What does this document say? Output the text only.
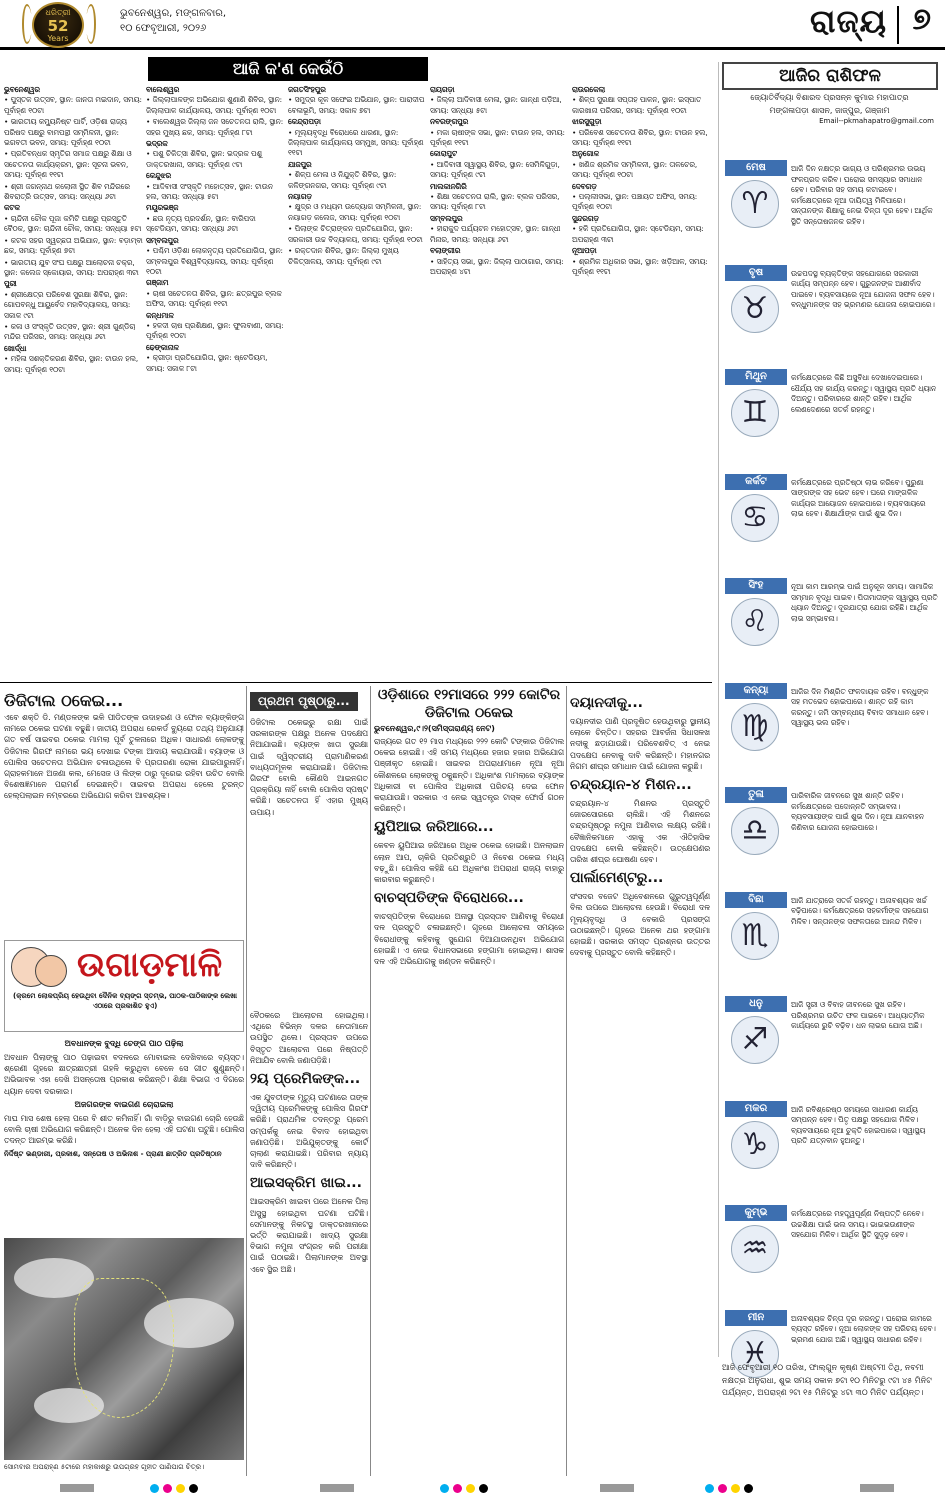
ଧରିତ୍ରୀ
52
Years
ଭୁବନେଶ୍ୱର, ମଙ୍ଗଳବାର,
୧୦ ଫେବୃଆରୀ, ୨୦୨୬	ରାଜ୍ୟ ୭
ଆଜି କ'ଣ କେଉଁଠି
ଭୁବନେଶ୍ୱର
• ପୁସ୍ତକ ଉତ୍ସବ, ସ୍ଥାନ: ଜାନତା ମଇଦାନ, ସମୟ: ପୂର୍ବାହ୍ଣ ୧୦ଟା
• ଭାରତୀୟ କମ୍ୟୁନିଷ୍ଟ ପାର୍ଟି, ଓଡ଼ିଶା ରାଜ୍ୟ ପରିଷଦ ପକ୍ଷରୁ ବାମପନ୍ଥୀ ସମ୍ମିଳନୀ, ସ୍ଥାନ: ଭଗବତୀ ଭବନ, ସମୟ: ପୂର୍ବାହ୍ଣ ୧୦ଟା
• ପ୍ରତିବନ୍ଧକ ସ୍ମୃତିର ସମାଜ ପକ୍ଷରୁ ଶିକ୍ଷା ଓ ସଚେତନତା କାର୍ଯ୍ୟକ୍ରମ, ସ୍ଥାନ: ସୂଚନା ଭବନ, ସମୟ: ପୂର୍ବାହ୍ଣ ୧୧ଟା
• ଶ୍ରୀ ଜଗନ୍ନାଥ କଲୋନୀ ସ୍ଥିତ ଶିବ ମନ୍ଦିରରେ ଶିବରାତ୍ରି ଉତ୍ସବ, ସମୟ: ସନ୍ଧ୍ୟା ୬ଟା
କଟକ
• ଚାନ୍ଦିନୀ ଚୌକ ପୂଜା କମିଟି ପକ୍ଷରୁ ପ୍ରସ୍ତୁତି ବୈଠକ, ସ୍ଥାନ: ଚାନ୍ଦିନୀ ଚୌକ, ସମୟ: ସନ୍ଧ୍ୟା ୫ଟା
• କଟକ ସହର ସ୍ୱଚ୍ଛତା ଅଭିଯାନ, ସ୍ଥାନ: ବଡ଼ାମ୍ବା ଛକ, ସମୟ: ପୂର୍ବାହ୍ଣ ୭ଟା
• ଭାରତୀୟ ଯୁବ ସଂଘ ପକ୍ଷରୁ ଆଲୋଚନା ଚକ୍ର, ସ୍ଥାନ: କଲେଜ ସ୍କୋୟାର, ସମୟ: ଅପରାହ୍ଣ ୩ଟା
ପୁରୀ
• ଶ୍ରୀକ୍ଷେତ୍ର ପରିବେଶ ସୁରକ୍ଷା ଶିବିର, ସ୍ଥାନ: ଗୋପବନ୍ଧୁ ଆୟୁର୍ବେଦ ମହାବିଦ୍ୟାଳୟ, ସମୟ: ସକାଳ ୯ଟା
• କଳା ଓ ସଂସ୍କୃତି ଉତ୍ସବ, ସ୍ଥାନ: ଶ୍ରୀ ଗୁଣ୍ଡିଚା ମନ୍ଦିର ପରିସର, ସମୟ: ସନ୍ଧ୍ୟା ୬ଟା
ଖୋର୍ଦ୍ଧା
• ମହିଳା ସଶକ୍ତିକରଣ ଶିବିର, ସ୍ଥାନ: ଟାଉନ ହଲ, ସମୟ: ପୂର୍ବାହ୍ଣ ୧୦ଟା
ବାଲେଶ୍ୱର
• ଜିଲ୍ଲାପାଳଙ୍କ ଅଭିଯୋଗ ଶୁଣାଣି ଶିବିର, ସ୍ଥାନ: ଜିଲ୍ଲାପାଳ କାର୍ଯ୍ୟାଳୟ, ସମୟ: ପୂର୍ବାହ୍ଣ ୧୦ଟା
• ବାଲେଶ୍ୱର ଜିଲ୍ଲା ଜନ ସଚେତନତା ରାଲି, ସ୍ଥାନ: ସହର ମୁଖ୍ୟ ଛକ, ସମୟ: ପୂର୍ବାହ୍ଣ ୮ଟା
ଭଦ୍ରକ
• ପଶୁ ଚିକିତ୍ସା ଶିବିର, ସ୍ଥାନ: ଭଦ୍ରକ ପଶୁ ଡାକ୍ତରଖାନା, ସମୟ: ପୂର୍ବାହ୍ଣ ୯ଟା
କେନ୍ଦୁଝର
• ଆଦିବାସୀ ସଂସ୍କୃତି ମହୋତ୍ସବ, ସ୍ଥାନ: ଟାଉନ ହଲ, ସମୟ: ସନ୍ଧ୍ୟା ୫ଟା
ମୟୂରଭଞ୍ଜ
• ଛଉ ନୃତ୍ୟ ପ୍ରଦର୍ଶନ, ସ୍ଥାନ: ବାରିପଦା ସ୍ଟେଡିୟମ, ସମୟ: ସନ୍ଧ୍ୟା ୬ଟା
ସମ୍ବଲପୁର
• ପଶ୍ଚିମ ଓଡ଼ିଶା ଲୋକନୃତ୍ୟ ପ୍ରତିଯୋଗିତା, ସ୍ଥାନ: ସମ୍ବଲପୁର ବିଶ୍ୱବିଦ୍ୟାଳୟ, ସମୟ: ପୂର୍ବାହ୍ଣ ୧୦ଟା
ଗଞ୍ଜାମ
• ଚାଷୀ ସଚେତନତା ଶିବିର, ସ୍ଥାନ: ଛତ୍ରପୁର ବ୍ଲକ ଅଫିସ, ସମୟ: ପୂର୍ବାହ୍ଣ ୧୧ଟା
କନ୍ଧମାଳ
• ହଳଦୀ ଚାଷ ପ୍ରଶିକ୍ଷଣ, ସ୍ଥାନ: ଫୁଲବାଣୀ, ସମୟ: ପୂର୍ବାହ୍ଣ ୧୦ଟା
ଢେଙ୍କାନାଳ
• କ୍ରୀଡ଼ା ପ୍ରତିଯୋଗିତା, ସ୍ଥାନ: ଷ୍ଟେଡିୟମ, ସମୟ: ସକାଳ ୮ଟା
ଜଗତସିଂହପୁର
• ସମୁଦ୍ର କୂଳ ସଫେଇ ଅଭିଯାନ, ସ୍ଥାନ: ପାରାଦୀପ ବେଳାଭୂମି, ସମୟ: ସକାଳ ୭ଟା
କେନ୍ଦ୍ରାପଡ଼ା
• ମୂଲ୍ୟବୃଦ୍ଧି ବିରୋଧରେ ଧାରଣା, ସ୍ଥାନ: ଜିଲ୍ଲାପାଳ କାର୍ଯ୍ୟାଳୟ ସମ୍ମୁଖ, ସମୟ: ପୂର୍ବାହ୍ଣ ୧୧ଟା
ଯାଜପୁର
• ଶିଳ୍ପ ମେଳା ଓ ନିଯୁକ୍ତି ଶିବିର, ସ୍ଥାନ: କଳିଙ୍ଗନଗର, ସମୟ: ପୂର୍ବାହ୍ଣ ୯ଟା
ନୟାଗଡ଼
• କ୍ଷୁଦ୍ର ଓ ମଧ୍ୟମ ଉଦ୍ୟୋଗ ସମ୍ମିଳନୀ, ସ୍ଥାନ: ନୟାଗଡ଼ କଲେଜ, ସମୟ: ପୂର୍ବାହ୍ଣ ୧୦ଟା
• ପିଲାଙ୍କ ଚିତ୍ରାଙ୍କନ ପ୍ରତିଯୋଗିତା, ସ୍ଥାନ: ସରକାରୀ ଉଚ୍ଚ ବିଦ୍ୟାଳୟ, ସମୟ: ପୂର୍ବାହ୍ଣ ୧୦ଟା
• ରକ୍ତଦାନ ଶିବିର, ସ୍ଥାନ: ଜିଲ୍ଲା ମୁଖ୍ୟ ଚିକିତ୍ସାଳୟ, ସମୟ: ପୂର୍ବାହ୍ଣ ୯ଟା
ରାୟଗଡ଼ା
• ଜିଲ୍ଲା ଆଦିବାସୀ ମେଳା, ସ୍ଥାନ: ଗାନ୍ଧୀ ପଡ଼ିଆ, ସମୟ: ସନ୍ଧ୍ୟା ୫ଟା
ନବରଙ୍ଗପୁର
• ମକା ଚାଷୀଙ୍କ ସଭା, ସ୍ଥାନ: ଟାଉନ ହଲ, ସମୟ: ପୂର୍ବାହ୍ଣ ୧୧ଟା
କୋରାପୁଟ
• ଆଦିବାସୀ ସ୍ୱାସ୍ଥ୍ୟ ଶିବିର, ସ୍ଥାନ: ସେମିଳିଗୁଡ଼ା, ସମୟ: ପୂର୍ବାହ୍ଣ ୯ଟା
ମାଲକାନଗିରି
• ଶିକ୍ଷା ସଚେତନତା ରାଲି, ସ୍ଥାନ: ବ୍ଲକ ପରିସର, ସମୟ: ପୂର୍ବାହ୍ଣ ୮ଟା
ସମ୍ବଲପୁର
• ହୀରାକୁଦ ପର୍ଯ୍ୟଟନ ମହୋତ୍ସବ, ସ୍ଥାନ: ଗାନ୍ଧୀ ମିନାର, ସମୟ: ସନ୍ଧ୍ୟା ୬ଟା
ବଲାଙ୍ଗୀର
• ସାହିତ୍ୟ ସଭା, ସ୍ଥାନ: ଜିଲ୍ଲା ପାଠାଗାର, ସମୟ: ଅପରାହ୍ଣ ୪ଟା
ରାଉରକେଲା
• ଶିଳ୍ପ ସୁରକ୍ଷା ସପ୍ତାହ ପାଳନ, ସ୍ଥାନ: ଇସ୍ପାତ କାରଖାନା ପରିସର, ସମୟ: ପୂର୍ବାହ୍ଣ ୧୦ଟା
ଝାରସୁଗୁଡ଼ା
• ପରିବେଶ ସଚେତନତା ଶିବିର, ସ୍ଥାନ: ଟାଉନ ହଲ, ସମୟ: ପୂର୍ବାହ୍ଣ ୧୧ଟା
ଅନୁଗୋଳ
• ଖଣିଜ ଶ୍ରମିକ ସମ୍ମିଳନୀ, ସ୍ଥାନ: ତାଳଚେର, ସମୟ: ପୂର୍ବାହ୍ଣ ୧୦ଟା
ଦେବଗଡ଼
• ପଲ୍ଲୀସଭା, ସ୍ଥାନ: ପଞ୍ଚାୟତ ଅଫିସ, ସମୟ: ପୂର୍ବାହ୍ଣ ୧୦ଟା
ସୁନ୍ଦରଗଡ଼
• ହକି ପ୍ରତିଯୋଗିତା, ସ୍ଥାନ: ସ୍ଟେଡିୟମ, ସମୟ: ଅପରାହ୍ଣ ୩ଟା
ନୂଆପଡ଼ା
• ଶ୍ରମିକ ଅଧିକାର ସଭା, ସ୍ଥାନ: ଖଡ଼ିଆଳ, ସମୟ: ପୂର୍ବାହ୍ଣ ୧୧ଟା
ଆଜିର ରାଶିଫଳ
ଜ୍ୟୋତିର୍ବିଦ୍ୟା ବିଶାରଦ ପ୍ରସନ୍ନ କୁମାର ମହାପାତ୍ର
ମଙ୍ଗଳାପଡ଼ା ଶାସନ, ଜାଜ୍ପୁର, ଗଞ୍ଜାମ
Email--pkmahapatro@gmail.com
ମେଷ
♈
ଆଜି ଦିନ ନକ୍ଷତ୍ର ଭାଗ୍ୟ ଓ ପରିଶ୍ରମର ଉଭୟ ଫଳପ୍ରଦ କରିବ। ଘରୋଇ ସମସ୍ୟାର ସମାଧାନ ହେବ। ପରିବାର ସହ ସମୟ କଟାଇବେ। କର୍ମକ୍ଷେତ୍ରରେ ନୂଆ ଦାୟିତ୍ୱ ମିଳିପାରେ। ସନ୍ତାନଙ୍କ ଶିକ୍ଷାକୁ ନେଇ ଚିନ୍ତା ଦୂର ହେବ। ଆର୍ଥିକ ସ୍ଥିତି ସନ୍ତୋଷଜନକ ରହିବ।
ବୃଷ
♉
ଉଚ୍ଚପଦସ୍ଥ ବ୍ୟକ୍ତିଙ୍କ ସହଯୋଗରେ ସରକାରୀ କାର୍ଯ୍ୟ ସମ୍ପନ୍ନ ହେବ। ଗୁରୁଜନଙ୍କ ଆଶୀର୍ବାଦ ପାଇବେ। ବ୍ୟବସାୟରେ ନୂଆ ଯୋଜନା ସଫଳ ହେବ। ବନ୍ଧୁମାନଙ୍କ ସହ ଭ୍ରମଣର ଯୋଜନା ହୋଇପାରେ।
ମିଥୁନ
♊
କର୍ମକ୍ଷେତ୍ରରେ କିଛି ଅସୁବିଧା ଦେଖାଦେଇପାରେ। ଧୈର୍ଯ୍ୟ ସହ କାର୍ଯ୍ୟ କରନ୍ତୁ। ସ୍ୱାସ୍ଥ୍ୟ ପ୍ରତି ଧ୍ୟାନ ଦିଅନ୍ତୁ। ପରିବାରରେ ଶାନ୍ତି ରହିବ। ଆର୍ଥିକ ଲେଣଦେଣରେ ସତର୍କ ରହନ୍ତୁ।
କର୍କଟ
♋
କର୍ମକ୍ଷେତ୍ରରେ ପ୍ରତିଷ୍ଠା ଲାଭ କରିବେ। ପୁରୁଣା ସାଙ୍ଗଙ୍କ ସହ ଭେଟ ହେବ। ଘରେ ମାଙ୍ଗଳିକ କାର୍ଯ୍ୟର ଆୟୋଜନ ହୋଇପାରେ। ବ୍ୟବସାୟରେ ଲାଭ ହେବ। ଶିକ୍ଷାର୍ଥୀଙ୍କ ପାଇଁ ଶୁଭ ଦିନ।
ସିଂହ
♌
ନୂଆ କାମ ଆରମ୍ଭ ପାଇଁ ଅନୁକୂଳ ସମୟ। ସାମାଜିକ ସମ୍ମାନ ବୃଦ୍ଧି ପାଇବ। ପିତାମାତାଙ୍କ ସ୍ୱାସ୍ଥ୍ୟ ପ୍ରତି ଧ୍ୟାନ ଦିଅନ୍ତୁ। ଦୂରଯାତ୍ରା ଯୋଗ ରହିଛି। ଆର୍ଥିକ ଲାଭ ସମ୍ଭାବନା।
କନ୍ୟା
♍
ଆଜିର ଦିନ ମିଶ୍ରିତ ଫଳଦାୟକ ରହିବ। ବନ୍ଧୁଙ୍କ ସହ ମତଭେଦ ହୋଇପାରେ। ଶାନ୍ତ ରହି କାମ କରନ୍ତୁ। ଜମି ସମ୍ବନ୍ଧୀୟ ବିବାଦ ସମାଧାନ ହେବ। ସ୍ୱାସ୍ଥ୍ୟ ଭଲ ରହିବ।
ତୁଳା
♎
ପାରିବାରିକ ଜୀବନରେ ସୁଖ ଶାନ୍ତି ରହିବ। କର୍ମକ୍ଷେତ୍ରରେ ପଦୋନ୍ନତି ସମ୍ଭାବନା। ବ୍ୟବସାୟୀଙ୍କ ପାଇଁ ଶୁଭ ଦିନ। ନୂଆ ଯାନବାହନ କିଣିବାର ଯୋଜନା ହୋଇପାରେ।
ବିଛା
♏
ଆଜି ଯାତ୍ରାରେ ସତର୍କ ରହନ୍ତୁ। ଅନାବଶ୍ୟକ ଖର୍ଚ୍ଚ ବଢ଼ିପାରେ। କର୍ମକ୍ଷେତ୍ରରେ ସହକର୍ମୀଙ୍କ ସହଯୋଗ ମିଳିବ। ସନ୍ତାନଙ୍କ ସଫଳତାରେ ଆନନ୍ଦ ମିଳିବ।
ଧନୁ
♐
ଆଜି ସ୍ତ୍ରୀ ଓ ବିବାହ ଜୀବନରେ ସୁଖ ରହିବ। ପରିଶ୍ରମର ଉଚିତ ଫଳ ପାଇବେ। ଆଧ୍ୟାତ୍ମିକ କାର୍ଯ୍ୟରେ ରୁଚି ବଢ଼ିବ। ଧନ ଲାଭର ଯୋଗ ଅଛି।
ମକର
♑
ଆଜି ରବିଶ୍ରେଷ୍ଠ ସମୟରେ ସାଧାରଣ କାର୍ଯ୍ୟ ସମ୍ପନ୍ନ ହେବ। ପିତୃ ପକ୍ଷରୁ ସହଯୋଗ ମିଳିବ। ବ୍ୟବସାୟରେ ନୂଆ ଚୁକ୍ତି ହୋଇପାରେ। ସ୍ୱାସ୍ଥ୍ୟ ପ୍ରତି ଯତ୍ନବାନ ହୁଅନ୍ତୁ।
କୁମ୍ଭ
♒
କର୍ମକ୍ଷେତ୍ରରେ ମହତ୍ତ୍ୱପୂର୍ଣ୍ଣ ନିଷ୍ପତ୍ତି ନେବେ। ଉଚ୍ଚଶିକ୍ଷା ପାଇଁ ଭଲ ସମୟ। ଭାଇଭଉଣୀଙ୍କ ସହଯୋଗ ମିଳିବ। ଆର୍ଥିକ ସ୍ଥିତି ସୁଦୃଢ଼ ହେବ।
ମୀନ
♓
ଅନାବଶ୍ୟକ ଚିନ୍ତା ଦୂର କରନ୍ତୁ। ଘରୋଇ କାମରେ ବ୍ୟସ୍ତ ରହିବେ। ନୂଆ ଲୋକଙ୍କ ସହ ପରିଚୟ ହେବ। ଭ୍ରମଣ ଯୋଗ ଅଛି। ସ୍ୱାସ୍ଥ୍ୟ ସାଧାରଣ ରହିବ।
ଆଜି ଫେବୃଆରୀ ୧୦ ତାରିଖ, ଫାଲ୍ଗୁନ କୃଷ୍ଣ ଅଷ୍ଟମୀ ତିଥି, ନବମୀ ନକ୍ଷତ୍ର ଅନୁରାଧା, ଶୁଭ ସମୟ ସକାଳ ୭ଟା ୧୦ ମିନିଟରୁ ୯ଟା ୪୫ ମିନିଟ ପର୍ଯ୍ୟନ୍ତ, ଅପରାହ୍ଣ ୨ଟା ୧୫ ମିନିଟରୁ ୪ଟା ୩୦ ମିନିଟ ପର୍ଯ୍ୟନ୍ତ।
ଡିଜିଟାଲ ଠକେଇ...
ଏବେ ଶକ୍ତି ଡି. ମଣ୍ଡଳଙ୍କ ଭଳି ପୀଡିତଙ୍କ ଉଦାହରଣ ଓ ଫୋନ ବ୍ୟାଙ୍କିଙ୍ଗ ନାମରେ ଠକେଇ ଘଟଣା ବଢୁଛି। ଜାତୀୟ ଅପରାଧ ରେକର୍ଡ ବ୍ୟୁରୋ ତଥ୍ୟ ଅନୁଯାୟୀ ଗତ ବର୍ଷ ସାଇବର ଠକେଇ ମାମଲା ପୂର୍ବ ତୁଳନାରେ ଅଧିକ। ସାଧାରଣ ଲୋକଙ୍କୁ ଡିଜିଟାଲ ଗିରଫ ନାମରେ ଭୟ ଦେଖାଇ ଟଙ୍କା ଆଦାୟ କରାଯାଉଛି। ବ୍ୟାଙ୍କ ଓ ପୋଲିସ ସଚେତନତା ଅଭିଯାନ ଚଳାଉଥିଲେ ବି ପ୍ରତାରଣା ରୋକା ଯାଇପାରୁନାହିଁ। ଗ୍ରାହକମାନେ ଅଜଣା କଲ, ମେସେଜ ଓ ଲିଙ୍କ ଠାରୁ ଦୂରେଇ ରହିବା ଉଚିତ ବୋଲି ବିଶେଷଜ୍ଞମାନେ ପରାମର୍ଶ ଦେଇଛନ୍ତି। ସାଇବର ଅପରାଧ ହେଲେ ତୁରନ୍ତ ହେଲ୍ପଲାଇନ ନମ୍ବରରେ ଅଭିଯୋଗ କରିବା ଆବଶ୍ୟକ।
ଉଗାଡ଼ମାଳି
(କ୍ରମେ ଲୋକପ୍ରିୟ ହେଉଥିବା ଦୈନିକ ବ୍ୟଙ୍ଗ ସ୍ତମ୍ଭ, ପାଠକ-ପାଠିକାଙ୍କ ଲେଖା ଏଠାରେ ପ୍ରକାଶିତ ହୁଏ)
ଅବଧାନଙ୍କ ବୁଦ୍ଧି ଚେଙ୍ଗ ପାଠ ପଢ଼ିଲା
ଅବଧାନ ପିଲାଙ୍କୁ ପାଠ ପଢ଼ାଇବା ବଦଳରେ ମୋବାଇଲ ଦେଖିବାରେ ବ୍ୟସ୍ତ। ଶ୍ରେଣୀ ଗୃହରେ ଛାତ୍ରଛାତ୍ରୀ ଗହଳି କରୁଥିବା ବେଳେ ସେ ଗୀତ ଶୁଣୁଛନ୍ତି। ଅଭିଭାବକ ଏହା ଦେଖି ଅସନ୍ତୋଷ ପ୍ରକାଶ କରିଛନ୍ତି। ଶିକ୍ଷା ବିଭାଗ ଏ ଦିଗରେ ଧ୍ୟାନ ଦେବା ଦରକାର।
ଅଜଗରଙ୍କ ବାଇଗଣ ଚୋରାଇଲା
ମାଘ ମାସ ଶେଷ ହେଲା ପରେ ବି ଶୀତ କମିନାହିଁ। ଗାଁ ବାଡ଼ିରୁ ବାଇଗଣ ଚୋରି ହେଉଛି ବୋଲି ଚାଷୀ ଅଭିଯୋଗ କରିଛନ୍ତି। ଅନେକ ଦିନ ହେଲା ଏହି ଘଟଣା ଘଟୁଛି। ପୋଲିସ ତଦନ୍ତ ଆରମ୍ଭ କରିଛି।
ନିର୍ଦ୍ଦିଷ୍ଟ ଭଣ୍ଡାରୀ, ପ୍ରକାଶ, ସନ୍ତୋଷ ଓ ଅଭିନାଶ - ପ୍ରାଣୀ ଛାତ୍ରିତ ପ୍ରତିଷ୍ଠାନ
ସୋମବାର ଅପରାହ୍ଣ ୫ଟାରେ ମହାକାଶରୁ ଉପଗ୍ରହ ଗୃହୀତ ପାଣିପାଗ ଚିତ୍ର।
ପ୍ରଥମ ପୃଷ୍ଠାରୁ...
ଡିଜିଟାଲ ଠକେଇରୁ ରକ୍ଷା ପାଇଁ ସରକାରଙ୍କ ପକ୍ଷରୁ ଅନେକ ପଦକ୍ଷେପ ନିଆଯାଇଛି। ବ୍ୟାଙ୍କ ଖାତା ସୁରକ୍ଷା ପାଇଁ ଦ୍ୱିସ୍ତରୀୟ ପ୍ରାମାଣିକରଣ ବାଧ୍ୟତାମୂଳକ କରାଯାଇଛି। ଡିଜିଟାଲ ଗିରଫ ବୋଲି କୌଣସି ଆଇନଗତ ପ୍ରକ୍ରିୟା ନାହିଁ ବୋଲି ପୋଲିସ ସ୍ପଷ୍ଟ କରିଛି। ସଚେତନତା ହିଁ ଏହାର ମୁଖ୍ୟ ଉପାୟ।
ଓଡ଼ିଶାରେ ୧୨ମାସରେ ୨୨୨ କୋଟିର ଡିଜିଟାଲ ଠକେଇ
ଭୁବନେଶ୍ୱର,୯।୨(ସମିସ୍ତାରାଣ୍ୟ ନେଟ)
ରାଜ୍ୟରେ ଗତ ୧୨ ମାସ ମଧ୍ୟରେ ୨୨୨ କୋଟି ଟଙ୍କାର ଡିଜିଟାଲ ଠକେଇ ହୋଇଛି। ଏହି ସମୟ ମଧ୍ୟରେ ହଜାର ହଜାର ଅଭିଯୋଗ ପଞ୍ଜୀକୃତ ହୋଇଛି। ସାଇବର ଅପରାଧୀମାନେ ନୂଆ ନୂଆ କୌଶଳରେ ଲୋକଙ୍କୁ ଠକୁଛନ୍ତି। ଅଧିକାଂଶ ମାମଲାରେ ବ୍ୟାଙ୍କ ଅଧିକାରୀ ବା ପୋଲିସ ଅଧିକାରୀ ପରିଚୟ ଦେଇ ଫୋନ କରାଯାଉଛି। ସରକାର ଏ ନେଇ ସ୍ୱତନ୍ତ୍ର ଟାସ୍କ ଫୋର୍ସ ଗଠନ କରିଛନ୍ତି।
ୟୁପିଆଇ ଜରିଆରେ...
କେବଳ ୟୁପିଆଇ ଜରିଆରେ ଅଧିକ ଠକେଇ ହୋଇଛି। ଅନଲାଇନ ଲୋନ ଆପ, ଚାକିରି ପ୍ରତିଶ୍ରୁତି ଓ ନିବେଶ ଠକେଇ ମଧ୍ୟ ବଢ଼ୁଛି। ପୋଲିସ କହିଛି ଯେ ଅଧିକାଂଶ ଅପରାଧୀ ରାଜ୍ୟ ବାହାରୁ କାରବାର କରୁଛନ୍ତି।
ବାଚସ୍ପତିଙ୍କ ବିରୋଧରେ...
ବାଚସ୍ପତିଙ୍କ ବିରୋଧରେ ଅନାସ୍ଥା ପ୍ରସ୍ତାବ ଆଣିବାକୁ ବିରୋଧୀ ଦଳ ପ୍ରସ୍ତୁତି ଚଳାଇଛନ୍ତି। ଗୃହରେ ଆଲୋଚନା ସମୟରେ ବିରୋଧୀଙ୍କୁ କହିବାକୁ ସୁଯୋଗ ଦିଆଯାଉନଥିବା ଅଭିଯୋଗ ହୋଇଛି। ଏ ନେଇ ବିଧାନସଭାରେ ହଙ୍ଗାମା ହୋଇଥିଲା। ଶାସକ ଦଳ ଏହି ଅଭିଯୋଗକୁ ଖଣ୍ଡନ କରିଛନ୍ତି।
ବୈଠକରେ ଆଲୋଚନା ହୋଇଥିଲା। ଏଥିରେ ବିଭିନ୍ନ ଦଳର ନେତାମାନେ ଉପସ୍ଥିତ ଥିଲେ। ପ୍ରସ୍ତାବ ଉପରେ ବିସ୍ତୃତ ଆଲୋଚନା ପରେ ନିଷ୍ପତ୍ତି ନିଆଯିବ ବୋଲି ଜଣାପଡ଼ିଛି।
୨ୟ ପ୍ରେମିକଙ୍କ...
ଏକ ଯୁବତୀଙ୍କ ମୃତ୍ୟୁ ଘଟଣାରେ ତାଙ୍କ ଦ୍ୱିତୀୟ ପ୍ରେମିକଙ୍କୁ ପୋଲିସ ଗିରଫ କରିଛି। ପ୍ରାଥମିକ ତଦନ୍ତରୁ ପ୍ରେମ ସମ୍ପର୍କକୁ ନେଇ ବିବାଦ ହୋଇଥିବା ଜଣାପଡ଼ିଛି। ଅଭିଯୁକ୍ତଙ୍କୁ କୋର୍ଟ ଚାଲାଣ କରାଯାଇଛି। ପରିବାର ନ୍ୟାୟ ଦାବି କରିଛନ୍ତି।
ଆଇସକ୍ରିମ ଖାଇ...
ଆଇସକ୍ରିମ ଖାଇବା ପରେ ଅନେକ ପିଲା ଅସୁସ୍ଥ ହୋଇଥିବା ଘଟଣା ଘଟିଛି। ସେମାନଙ୍କୁ ନିକଟସ୍ଥ ଡାକ୍ତରଖାନାରେ ଭର୍ତ୍ତି କରାଯାଇଛି। ଖାଦ୍ୟ ସୁରକ୍ଷା ବିଭାଗ ନମୁନା ସଂଗ୍ରହ କରି ପରୀକ୍ଷା ପାଇଁ ପଠାଇଛି। ପିଲାମାନଙ୍କ ଅବସ୍ଥା ଏବେ ସ୍ଥିର ଅଛି।
ଦୟାନଦୀକୁ...
ଦୟାନଦୀର ପାଣି ପ୍ରଦୂଷିତ ହେଉଥିବାରୁ ସ୍ଥାନୀୟ ଲୋକେ ଚିନ୍ତିତ। ସହରର ଆବର୍ଜନା ସିଧାସଳଖ ନଦୀକୁ ଛଡ଼ାଯାଉଛି। ପରିବେଶବିତ୍ ଏ ନେଇ ପଦକ୍ଷେପ ନେବାକୁ ଦାବି କରିଛନ୍ତି। ମହାନଗର ନିଗମ ଶୀଘ୍ର ସମାଧାନ ପାଇଁ ଯୋଜନା କରୁଛି।
ଚନ୍ଦ୍ରୟାନ-୪ ମିଶନ...
ଚନ୍ଦ୍ରୟାନ-୪ ମିଶନର ପ୍ରସ୍ତୁତି ଜୋରସୋରରେ ଚାଲିଛି। ଏହି ମିଶନରେ ଚନ୍ଦ୍ରପୃଷ୍ଠରୁ ନମୁନା ଆଣିବାର ଲକ୍ଷ୍ୟ ରହିଛି। ବୈଜ୍ଞାନିକମାନେ ଏହାକୁ ଏକ ଐତିହାସିକ ପଦକ୍ଷେପ ବୋଲି କହିଛନ୍ତି। ଉତ୍କ୍ଷେପଣର ତାରିଖ ଶୀଘ୍ର ଘୋଷଣା ହେବ।
ପାର୍ଲାମେଣ୍ଟରୁ...
ସଂସଦର ବଜେଟ ଅଧିବେଶନରେ ଗୁରୁତ୍ୱପୂର୍ଣ୍ଣ ବିଲ ଉପରେ ଆଲୋଚନା ହେଉଛି। ବିରୋଧୀ ଦଳ ମୂଲ୍ୟବୃଦ୍ଧି ଓ ବେକାରି ପ୍ରସଙ୍ଗ ଉଠାଇଛନ୍ତି। ଗୃହରେ ଅନେକ ଥର ହଙ୍ଗାମା ହୋଇଛି। ସରକାର ସମସ୍ତ ପ୍ରଶ୍ନର ଉତ୍ତର ଦେବାକୁ ପ୍ରସ୍ତୁତ ବୋଲି କହିଛନ୍ତି।
